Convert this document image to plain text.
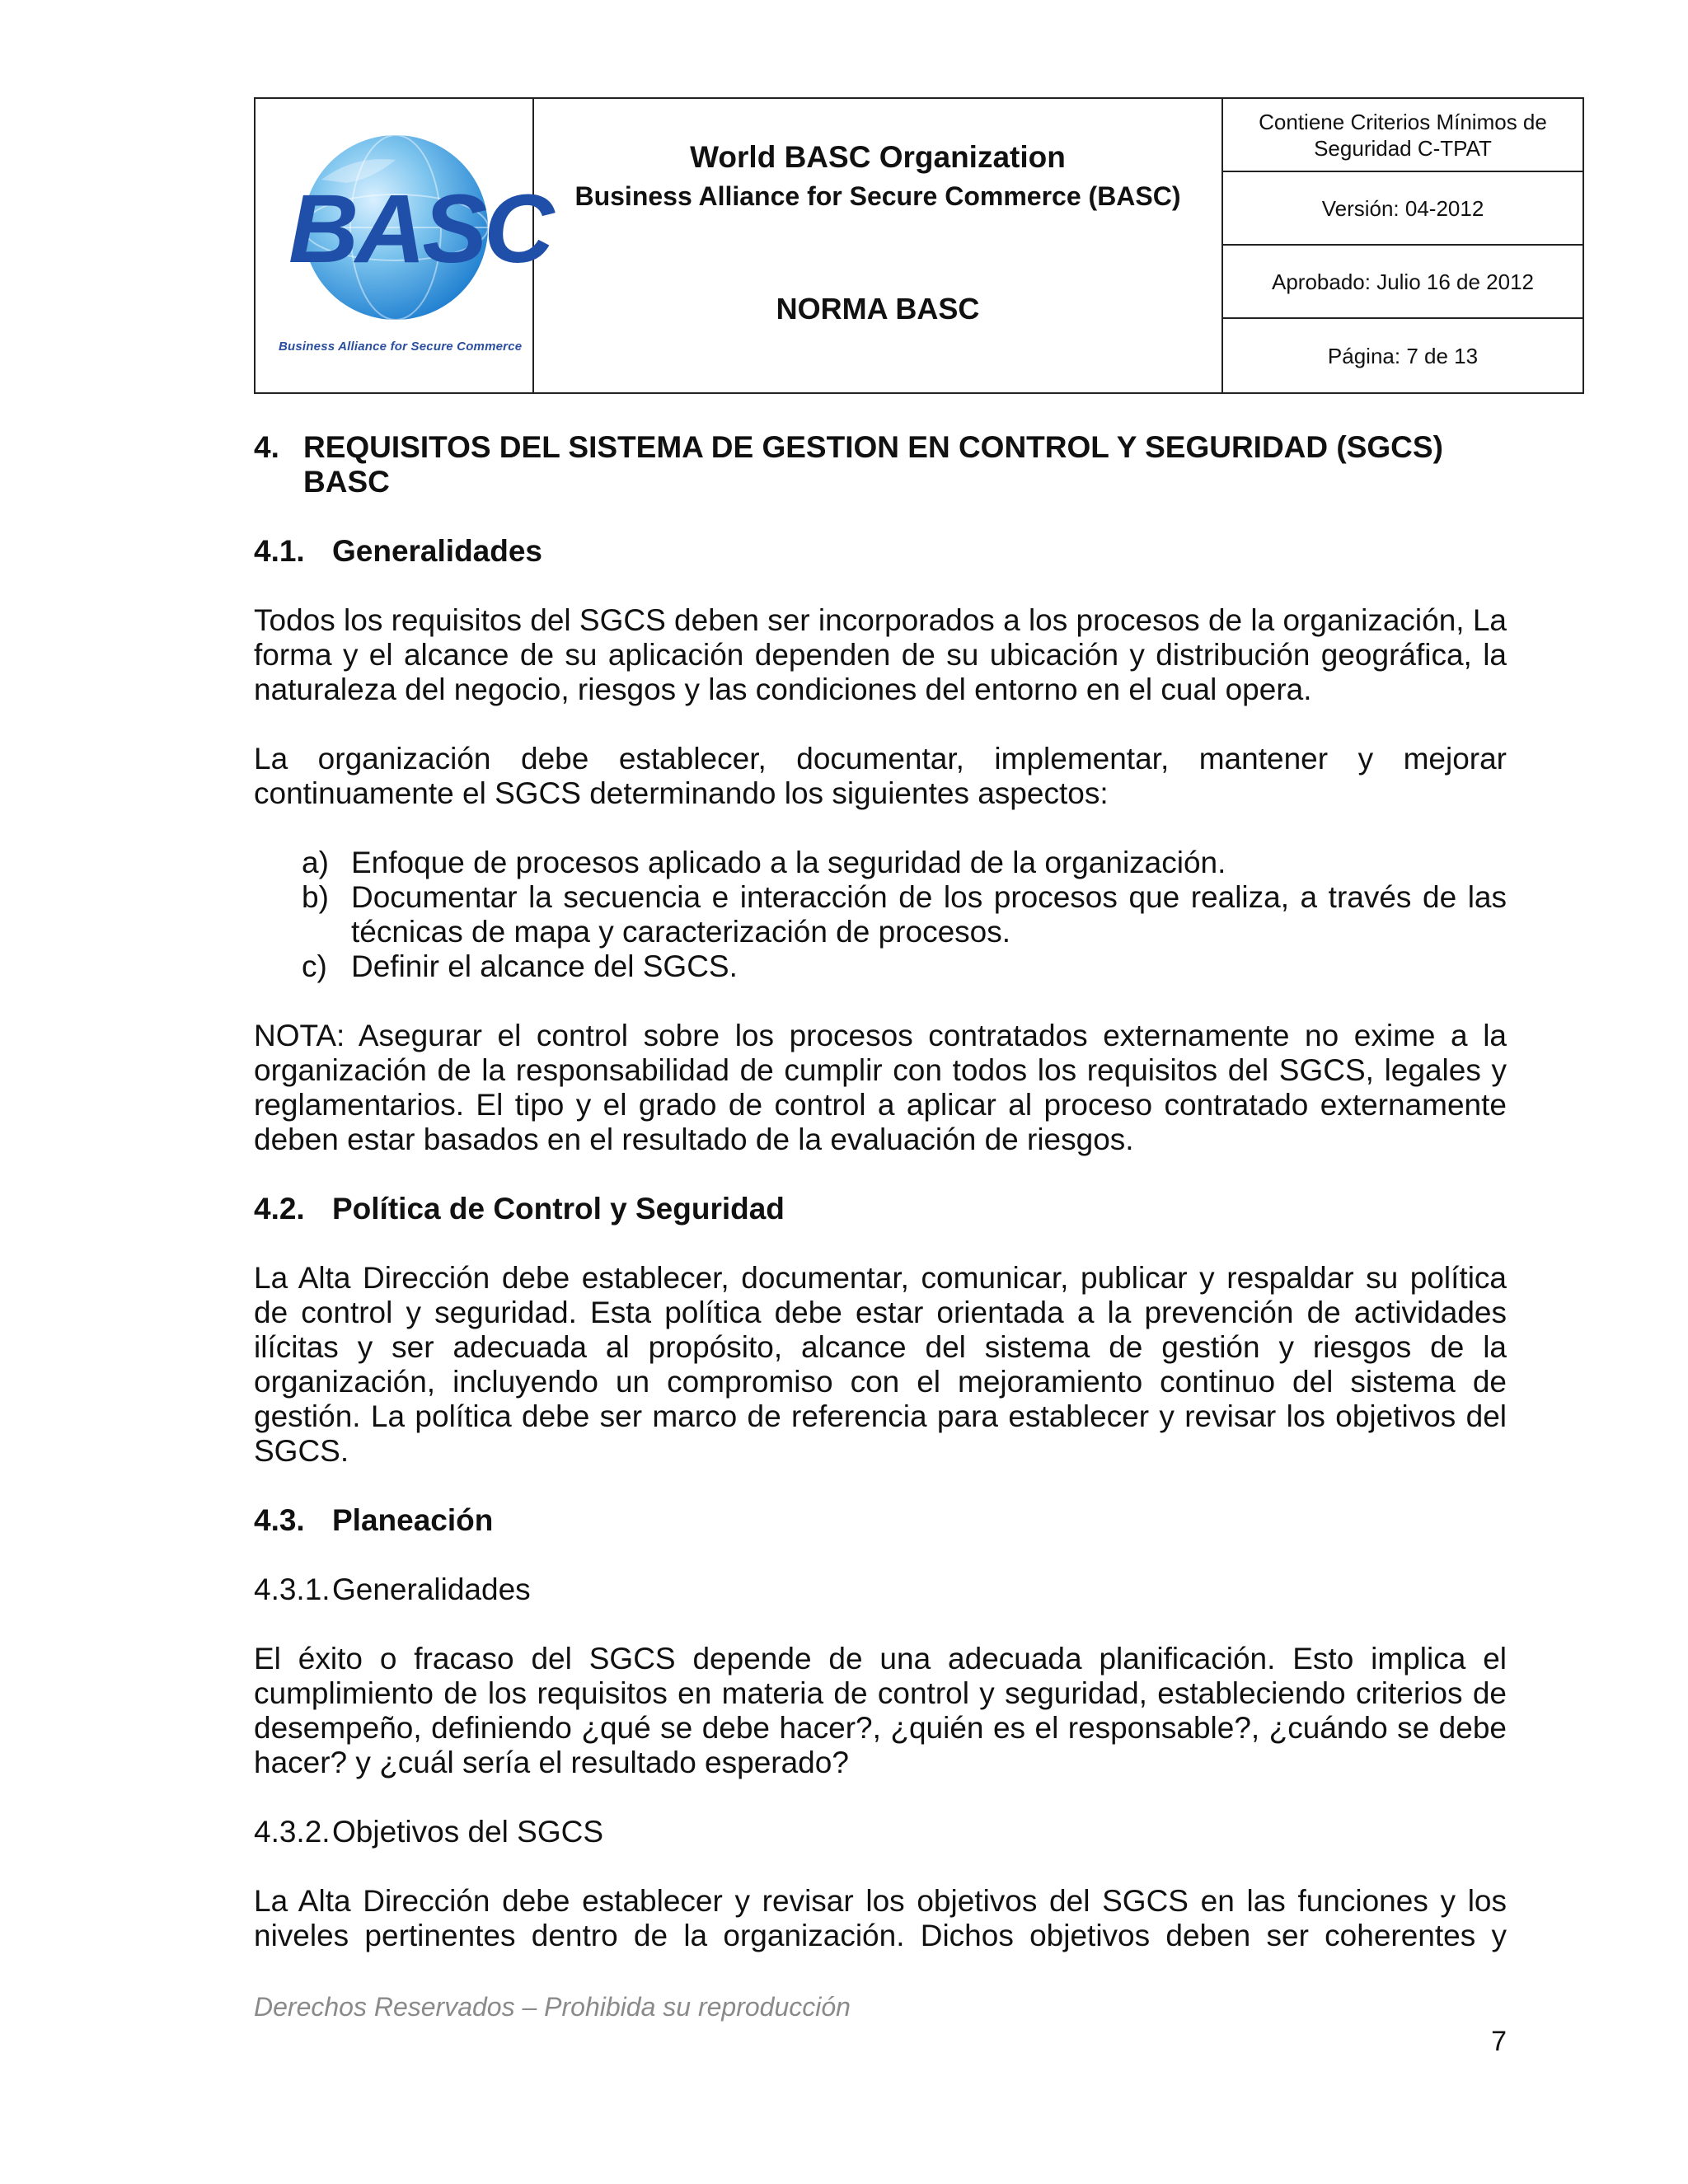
BASC
Business Alliance for Secure Commerce
World BASC Organization
Business Alliance for Secure Commerce (BASC)
NORMA BASC
Contiene Criterios Mínimos de Seguridad C-TPAT
Versión: 04-2012
Aprobado: Julio 16 de 2012
Página: 7 de 13
4. REQUISITOS DEL SISTEMA DE GESTION EN CONTROL Y SEGURIDAD (SGCS) BASC
4.1. Generalidades

Todos los requisitos del SGCS deben ser incorporados a los procesos de la organización, La forma y el alcance de su aplicación dependen de su ubicación y distribución geográfica, la naturaleza del negocio, riesgos y las condiciones del entorno en el cual opera.

La organización debe establecer, documentar, implementar, mantener y mejorar continuamente el SGCS determinando los siguientes aspectos:

a) Enfoque de procesos aplicado a la seguridad de la organización.
b) Documentar la secuencia e interacción de los procesos que realiza, a través de las técnicas de mapa y caracterización de procesos.
c) Definir el alcance del SGCS.

NOTA: Asegurar el control sobre los procesos contratados externamente no exime a la organización de la responsabilidad de cumplir con todos los requisitos del SGCS, legales y reglamentarios. El tipo y el grado de control a aplicar al proceso contratado externamente deben estar basados en el resultado de la evaluación de riesgos.

4.2. Política de Control y Seguridad

La Alta Dirección debe establecer, documentar, comunicar, publicar y respaldar su política de control y seguridad. Esta política debe estar orientada a la prevención de actividades ilícitas y ser adecuada al propósito, alcance del sistema de gestión y riesgos de la organización, incluyendo un compromiso con el mejoramiento continuo del sistema de gestión. La política debe ser marco de referencia para establecer y revisar los objetivos del SGCS.

4.3. Planeación
4.3.1. Generalidades

El éxito o fracaso del SGCS depende de una adecuada planificación. Esto implica el cumplimiento de los requisitos en materia de control y seguridad, estableciendo criterios de desempeño, definiendo ¿qué se debe hacer?, ¿quién es el responsable?, ¿cuándo se debe hacer? y ¿cuál sería el resultado esperado?

4.3.2. Objetivos del SGCS

La Alta Dirección debe establecer y revisar los objetivos del SGCS en las funciones y los niveles pertinentes dentro de la organización. Dichos objetivos deben ser coherentes y

Derechos Reservados – Prohibida su reproducción
7
